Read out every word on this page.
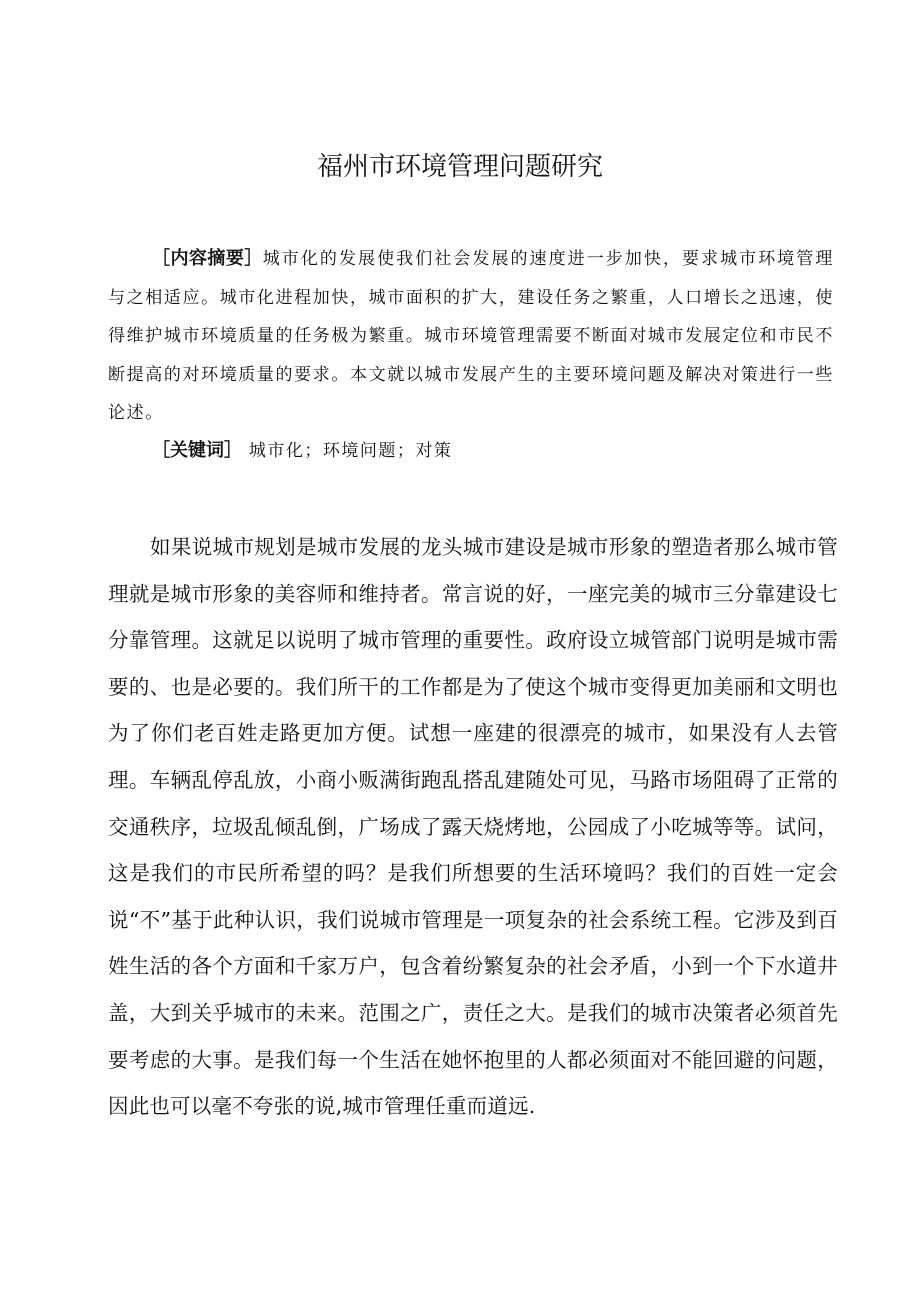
福州市环境管理问题研究
［内容摘要］城市化的发展使我们社会发展的速度进一步加快，要求城市环境管理与之相适应。城市化进程加快，城市面积的扩大，建设任务之繁重，人口增长之迅速，使得维护城市环境质量的任务极为繁重。城市环境管理需要不断面对城市发展定位和市民不断提高的对环境质量的要求。本文就以城市发展产生的主要环境问题及解决对策进行一些论述。
［关键词］ 城市化；环境问题；对策
如果说城市规划是城市发展的龙头城市建设是城市形象的塑造者那么城市管理就是城市形象的美容师和维持者。常言说的好，一座完美的城市三分靠建设七分靠管理。这就足以说明了城市管理的重要性。政府设立城管部门说明是城市需要的、也是必要的。我们所干的工作都是为了使这个城市变得更加美丽和文明也为了你们老百姓走路更加方便。试想一座建的很漂亮的城市，如果没有人去管理。车辆乱停乱放，小商小贩满街跑乱搭乱建随处可见，马路市场阻碍了正常的交通秩序，垃圾乱倾乱倒，广场成了露天烧烤地，公园成了小吃城等等。试问，这是我们的市民所希望的吗？是我们所想要的生活环境吗？我们的百姓一定会说“不”基于此种认识，我们说城市管理是一项复杂的社会系统工程。它涉及到百姓生活的各个方面和千家万户，包含着纷繁复杂的社会矛盾，小到一个下水道井盖，大到关乎城市的未来。范围之广，责任之大。是我们的城市决策者必须首先要考虑的大事。是我们每一个生活在她怀抱里的人都必须面对不能回避的问题，因此也可以毫不夸张的说,城市管理任重而道远.
